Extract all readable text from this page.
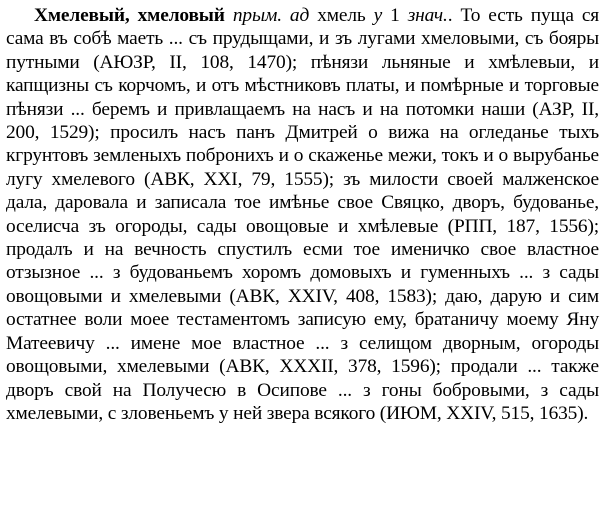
Хмелевый, хмеловый прым. ад хмель у 1 знач.. То есть пуща ся сама въ собѣ маеть ... съ прудыщами, и зъ лугами хмеловыми, съ бояры путными (АЮЗР, II, 108, 1470); пѣнязи льняные и хмѣлевыи, и капщизны съ корчомъ, и отъ мѣстниковъ платы, и помѣрные и торговые пѣнязи ... беремъ и привлащаемъ на насъ и на потомки наши (АЗР, II, 200, 1529); просилъ насъ панъ Дмитрей о вижа на огледанье тыхъ кгрунтовъ земленыхъ побронихъ и о скаженье межи, токъ и о вырубанье лугу хмелевого (АВК, XXI, 79, 1555); зъ милости своей малженское дала, даровала и записала тое имѣнье свое Свяцко, дворъ, будованье, оселисча зъ огороды, сады овощовые и хмѣлевые (РПП, 187, 1556); продалъ и на вечность спустилъ есми тое именичко свое властное отзызное ... з будованьемъ хоромъ домовыхъ и гуменныхъ ... з сады овощовыми и хмелевыми (АВК, XXIV, 408, 1583); даю, дарую и сим остатнее воли моее тестаментомъ записую ему, братаничу моему Яну Матеевичу ... имене мое властное ... з селищом дворным, огороды овощовыми, хмелевыми (АВК, XXXII, 378, 1596); продали ... также дворъ свой на Получесю в Осипове ... з гоны бобровыми, з сады хмелевыми, с зловеньемъ у ней звера всякого (ИЮМ, XXIV, 515, 1635).
